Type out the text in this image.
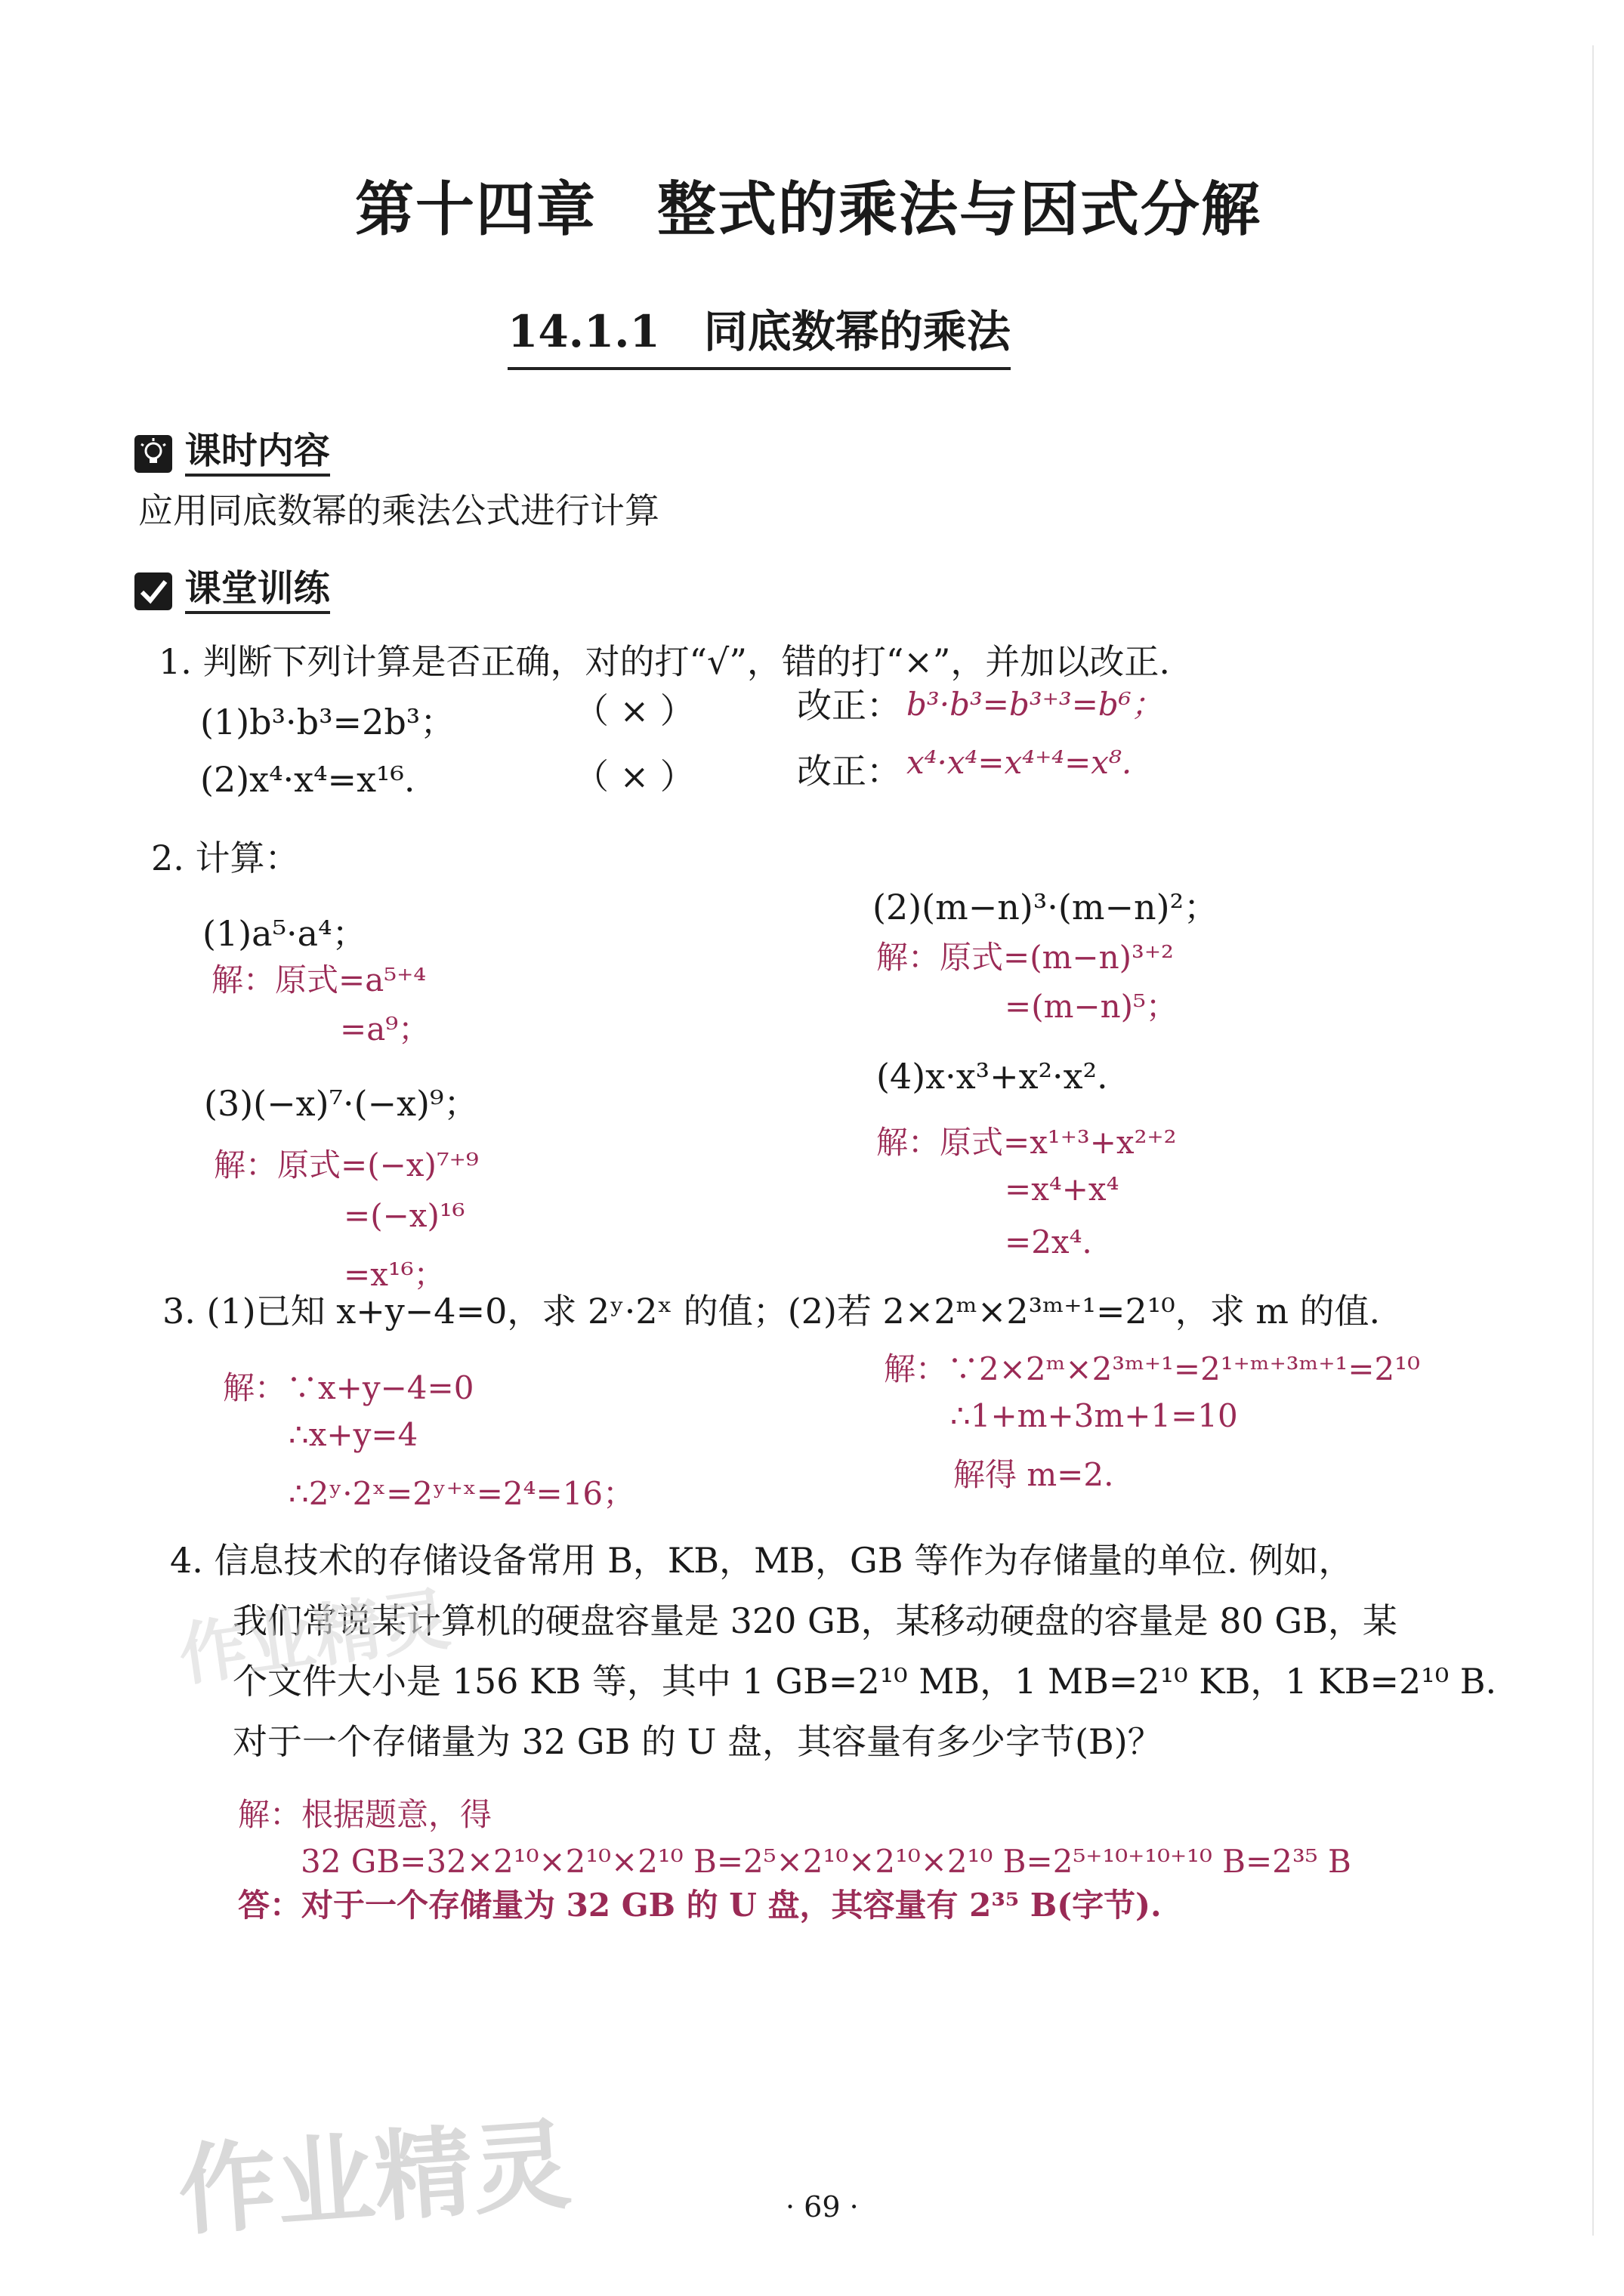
第十四章　整式的乘法与因式分解
14.1.1　同底数幂的乘法
课时内容
应用同底数幂的乘法公式进行计算
课堂训练
1. 判断下列计算是否正确，对的打“√”，错的打“×”，并加以改正.
(1)b³·b³=2b³；	（ × ）	改正： b³·b³=b³⁺³=b⁶；
(2)x⁴·x⁴=x¹⁶.	（ × ）	改正： x⁴·x⁴=x⁴⁺⁴=x⁸.
2. 计算：
(1)a⁵·a⁴；
解：原式=a⁵⁺⁴
=a⁹；
(2)(m−n)³·(m−n)²；
解：原式=(m−n)³⁺²
=(m−n)⁵；
(3)(−x)⁷·(−x)⁹；
解：原式=(−x)⁷⁺⁹
=(−x)¹⁶
=x¹⁶；
(4)x·x³+x²·x².
解：原式=x¹⁺³+x²⁺²
=x⁴+x⁴
=2x⁴.
3. (1)已知 x+y−4=0，求 2ʸ·2ˣ 的值；(2)若 2×2ᵐ×2³ᵐ⁺¹=2¹⁰，求 m 的值.
解：∵x+y−4=0
∴x+y=4
∴2ʸ·2ˣ=2ʸ⁺ˣ=2⁴=16；
解：∵2×2ᵐ×2³ᵐ⁺¹=2¹⁺ᵐ⁺³ᵐ⁺¹=2¹⁰
∴1+m+3m+1=10
解得 m=2.
4. 信息技术的存储设备常用 B，KB，MB，GB 等作为存储量的单位. 例如，
我们常说某计算机的硬盘容量是 320 GB，某移动硬盘的容量是 80 GB，某
个文件大小是 156 KB 等，其中 1 GB=2¹⁰ MB，1 MB=2¹⁰ KB，1 KB=2¹⁰ B.
对于一个存储量为 32 GB 的 U 盘，其容量有多少字节(B)？
解：根据题意，得
32 GB=32×2¹⁰×2¹⁰×2¹⁰ B=2⁵×2¹⁰×2¹⁰×2¹⁰ B=2⁵⁺¹⁰⁺¹⁰⁺¹⁰ B=2³⁵ B
答：对于一个存储量为 32 GB 的 U 盘，其容量有 2³⁵ B(字节).
作业精灵
作业精灵	· 69 ·
